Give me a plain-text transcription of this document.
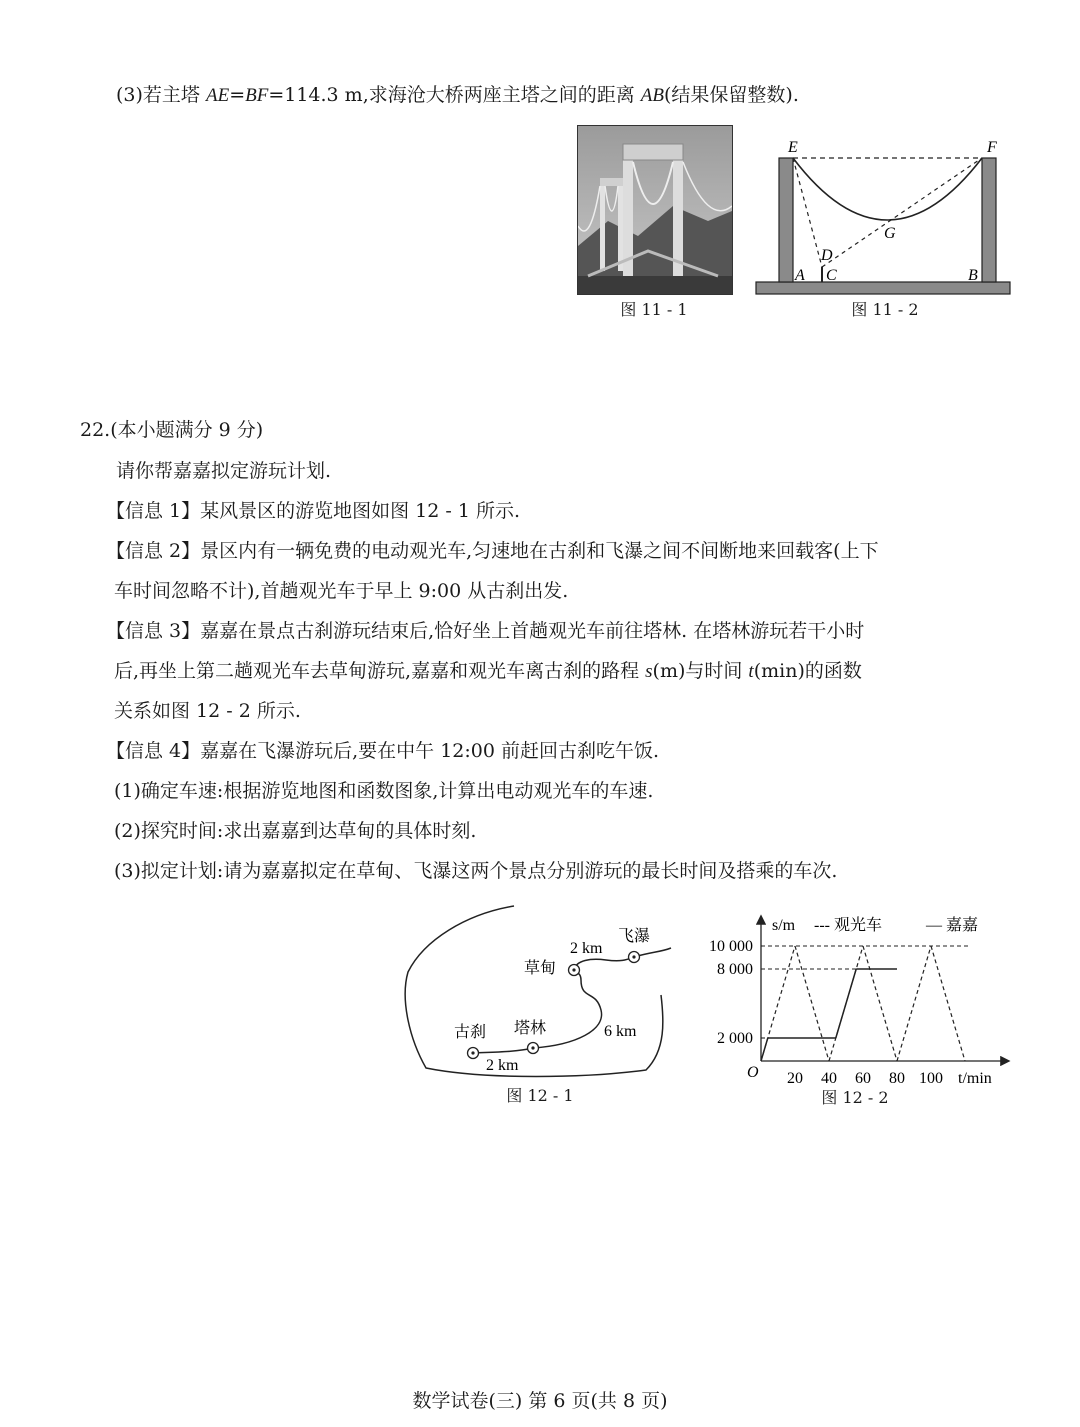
(3)若主塔 AE=BF=114.3 m,求海沧大桥两座主塔之间的距离 AB(结果保留整数).
图 11 - 1
E	F
G
D
A C	B
图 11 - 2
22.(本小题满分 9 分)
请你帮嘉嘉拟定游玩计划.
【信息 1】某风景区的游览地图如图 12 - 1 所示.
【信息 2】景区内有一辆免费的电动观光车,匀速地在古刹和飞瀑之间不间断地来回载客(上下
车时间忽略不计),首趟观光车于早上 9:00 从古刹出发.
【信息 3】嘉嘉在景点古刹游玩结束后,恰好坐上首趟观光车前往塔林. 在塔林游玩若干小时
后,再坐上第二趟观光车去草甸游玩,嘉嘉和观光车离古刹的路程 s(m)与时间 t(min)的函数
关系如图 12 - 2 所示.
【信息 4】嘉嘉在飞瀑游玩后,要在中午 12:00 前赶回古刹吃午饭.
(1)确定车速:根据游览地图和函数图象,计算出电动观光车的车速.
(2)探究时间:求出嘉嘉到达草甸的具体时刻.
(3)拟定计划:请为嘉嘉拟定在草甸、飞瀑这两个景点分别游玩的最长时间及搭乘的车次.
古刹 塔林
草甸
飞瀑
2 km
6 km
2 km
图 12 - 1
s/m
t/min
O
--- 观光车	— 嘉嘉
2 000
8 000
10 000
20 40 60 80 100
图 12 - 2
数学试卷(三) 第 6 页(共 8 页)
